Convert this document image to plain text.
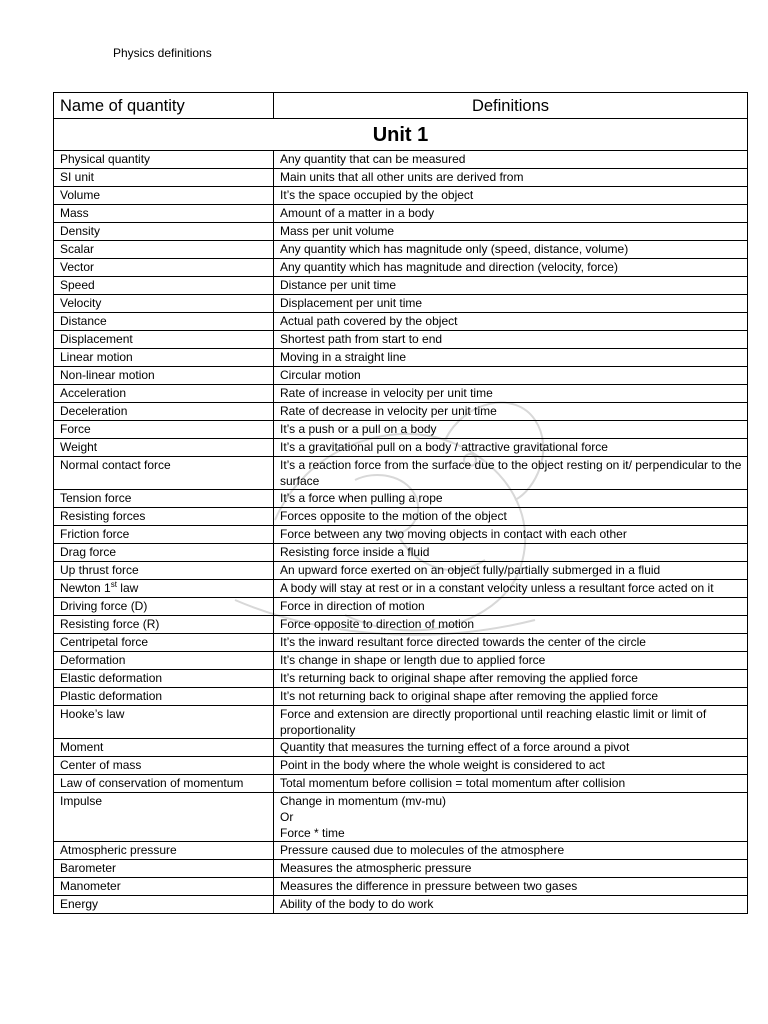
Physics definitions
Name of quantity	Definitions
Unit 1	
Physical quantity	Any quantity that can be measured

SI unit	Main units that all other units are derived from

Volume	It’s the space occupied by the object

Mass	Amount of a matter in a body

Density	Mass per unit volume

Scalar	Any quantity which has magnitude only (speed, distance, volume)

Vector	Any quantity which has magnitude and direction (velocity, force)

Speed	Distance per unit time

Velocity	Displacement per unit time

Distance	Actual path covered by the object

Displacement	Shortest path from start to end

Linear motion	Moving in a straight line

Non-linear motion	Circular motion

Acceleration	Rate of increase in velocity per unit time

Deceleration	Rate of decrease in velocity per unit time

Force	It’s a push or a pull on a body

Weight	It’s a gravitational pull on a body / attractive gravitational force

Normal contact force	It’s a reaction force from the surface due to the object resting on it/ perpendicular to the surface

Tension force	It’s a force when pulling a rope

Resisting forces	Forces opposite to the motion of the object

Friction force	Force between any two moving objects in contact with each other

Drag force	Resisting force inside a fluid

Up thrust force	An upward force exerted on an object fully/partially submerged in a fluid

Newton 1st law	A body will stay at rest or in a constant velocity unless a resultant force acted on it

Driving force (D)	Force in direction of motion

Resisting force (R)	Force opposite to direction of motion

Centripetal force	It’s the inward resultant force directed towards the center of the circle

Deformation	It’s change in shape or length due to applied force

Elastic deformation	It’s returning back to original shape after removing the applied force

Plastic deformation	It’s not returning back to original shape after removing the applied force

Hooke’s law	Force and extension are directly proportional until reaching elastic limit or limit of proportionality

Moment	Quantity that measures the turning effect of a force around a pivot

Center of mass	Point in the body where the whole weight is considered to act

Law of conservation of momentum	Total momentum before collision = total momentum after collision

Impulse	Change in momentum (mv-mu)
Or
Force * time

Atmospheric pressure	Pressure caused due to molecules of the atmosphere

Barometer	Measures the atmospheric pressure

Manometer	Measures the difference in pressure between two gases

Energy	Ability of the body to do work
